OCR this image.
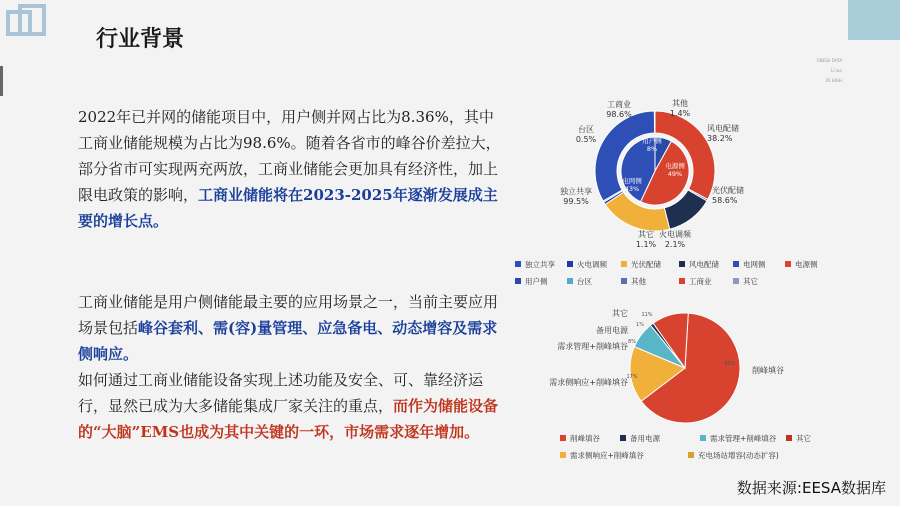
行业背景
CNESA DATA
Li-ion
20 HIGH
2022年已并网的储能项目中，用户侧并网占比为8.36%，其中工商业储能规模为占比为98.6%。随着各省市的峰谷价差拉大，部分省市可实现两充两放，工商业储能会更加具有经济性，加上限电政策的影响，工商业储能将在2023-2025年逐渐发展成主要的增长点。
工商业储能是用户侧储能最主要的应用场景之一，当前主要应用场景包括峰谷套利、需(容)量管理、应急备电、动态增容及需求侧响应。
如何通过工商业储能设备实现上述功能及安全、可、靠经济运行，显然已成为大多储能集成厂家关注的重点，而作为储能设备的“大脑”EMS也成为其中关键的一环，市场需求逐年增加。
用户侧
8%
电源侧
49%
电网侧
43%
工商业
98.6%
其他
1.4%
风电配储
38.2%
光伏配储
58.6%
火电调频
2.1%
其它
1.1%
独立共享
99.5%
台区
0.5%
独立共享	火电调频	光伏配储	风电配储	电网侧	电源侧
用户侧	台区	其他	工商业	其它
削峰填谷
65%
需求侧响应+削峰填谷
17%
需求管理+削峰填谷 8%
备用电源
1%
其它	11%
削峰填谷	备用电源	需求管理+削峰填谷	其它
需求侧响应+削峰填谷	充电场站增容(动态扩容)
数据来源:EESA数据库
